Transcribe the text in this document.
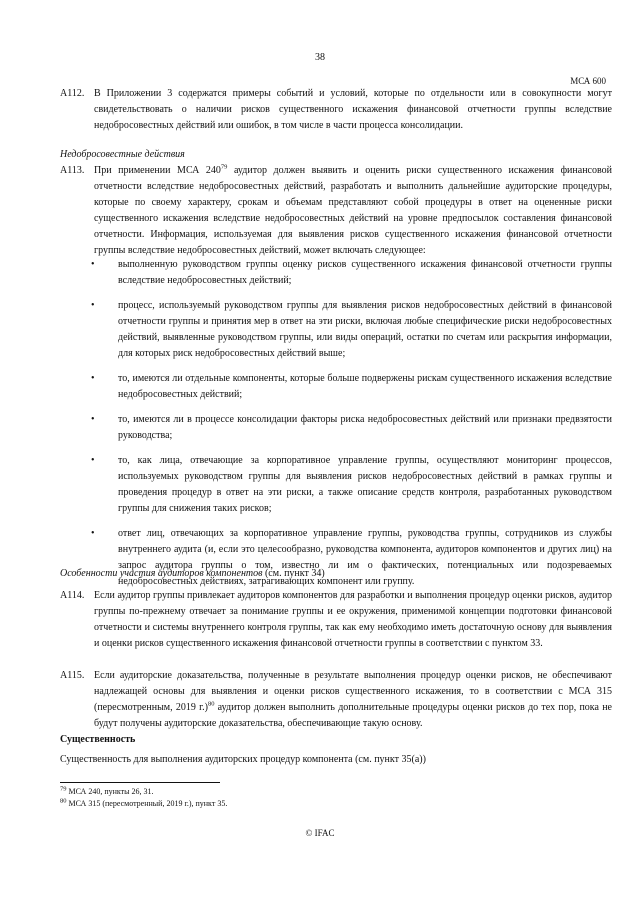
38
МСА 600
A112. В Приложении 3 содержатся примеры событий и условий, которые по отдельности или в совокупности могут свидетельствовать о наличии рисков существенного искажения финансовой отчетности группы вследствие недобросовестных действий или ошибок, в том числе в части процесса консолидации.
Недобросовестные действия
A113. При применении МСА $240^{79}$ аудитор должен выявить и оценить риски существенного искажения финансовой отчетности вследствие недобросовестных действий, разработать и выполнить дальнейшие аудиторские процедуры, которые по своему характеру, срокам и объемам представляют собой процедуры в ответ на оцененные риски существенного искажения вследствие недобросовестных действий на уровне предпосылок составления финансовой отчетности. Информация, используемая для выявления рисков существенного искажения финансовой отчетности группы вследствие недобросовестных действий, может включать следующее:
•	выполненную руководством группы оценку рисков существенного искажения финансовой отчетности группы вследствие недобросовестных действий;
•	процесс, используемый руководством группы для выявления рисков недобросовестных действий в финансовой отчетности группы и принятия мер в ответ на эти риски, включая любые специфические риски недобросовестных действий, выявленные руководством группы, или виды операций, остатки по счетам или раскрытия информации, для которых риск недобросовестных действий выше;
•	то, имеются ли отдельные компоненты, которые больше подвержены рискам существенного искажения вследствие недобросовестных действий;
•	то, имеются ли в процессе консолидации факторы риска недобросовестных действий или признаки предвзятости руководства;
•	то, как лица, отвечающие за корпоративное управление группы, осуществляют мониторинг процессов, используемых руководством группы для выявления рисков недобросовестных действий в рамках группы и проведения процедур в ответ на эти риски, а также описание средств контроля, разработанных руководством группы для снижения таких рисков;
•	ответ лиц, отвечающих за корпоративное управление группы, руководства группы, сотрудников из службы внутреннего аудита (и, если это целесообразно, руководства компонента, аудиторов компонентов и других лиц) на запрос аудитора группы о том, известно ли им о фактических, потенциальных или подозреваемых недобросовестных действиях, затрагивающих компонент или группу.
Особенности участия аудиторов компонентов (см. пункт 34)
A114. Если аудитор группы привлекает аудиторов компонентов для разработки и выполнения процедур оценки рисков, аудитор группы по-прежнему отвечает за понимание группы и ее окружения, применимой концепции подготовки финансовой отчетности и системы внутреннего контроля группы, так как ему необходимо иметь достаточную основу для выявления и оценки рисков существенного искажения финансовой отчетности группы в соответствии с пунктом 33.
A115. Если аудиторские доказательства, полученные в результате выполнения процедур оценки рисков, не обеспечивают надлежащей основы для выявления и оценки рисков существенного искажения, то в соответствии с МСА 315 (пересмотренным, 2019 г.)$^{80}$ аудитор должен выполнить дополнительные процедуры оценки рисков до тех пор, пока не будут получены аудиторские доказательства, обеспечивающие такую основу.
Существенность
Существенность для выполнения аудиторских процедур компонента (см. пункт 35(a))
$^{79}$ МСА 240, пункты 26, 31.
$^{80}$ МСА 315 (пересмотренный, 2019 г.), пункт 35.
© IFAC
